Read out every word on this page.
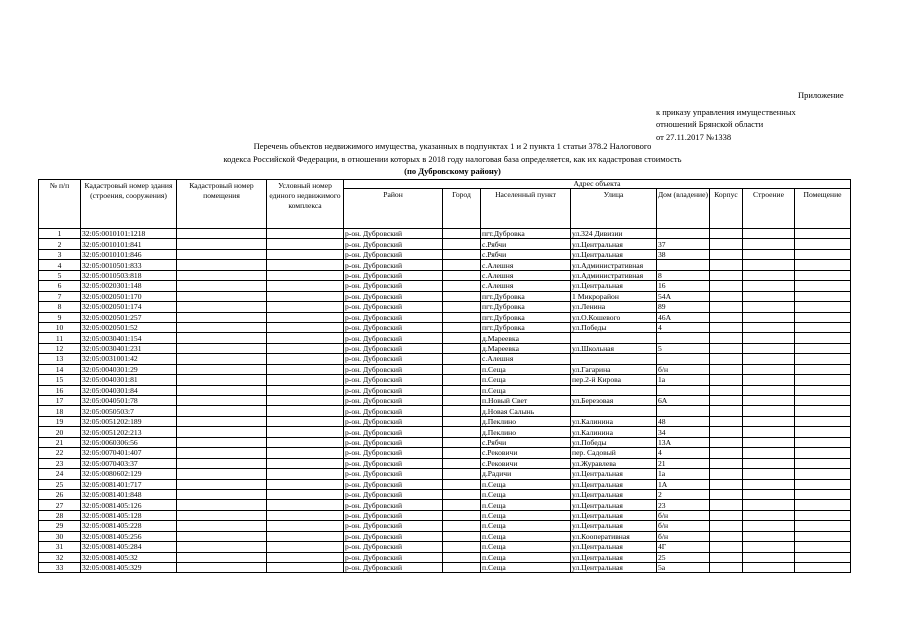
Приложение
к приказу управления имущественных
отношений Брянской области
от 27.11.2017 №1338
Перечень объектов недвижимого имущества, указанных в подпунктах 1 и 2 пункта 1 статьи 378.2 Налогового
кодекса Российской Федерации, в отношении которых в 2018 году налоговая база определяется, как их кадастровая стоимость
(по Дубровскому району)
№ п/п	Кадастровый номер здания (строения, сооружения)	Кадастровый номер помещения	Условный номер единого недвижимого комплекса	Адрес объекта							
				Район	Город	Населенный пункт	Улица	Дом (владение)	Корпус	Строение	Помещение
1	32:05:0010101:1218			р-он. Дубровский		пгт.Дубровка	ул.324 Дивизии				
2	32:05:0010101:841			р-он. Дубровский		с.Рябчи	ул.Центральная	37			
3	32:05:0010101:846			р-он. Дубровский		с.Рябчи	ул.Центральная	38			
4	32:05:0010501:833			р-он. Дубровский		с.Алешня	ул.Административная				
5	32:05:0010503:818			р-он. Дубровский		с.Алешня	ул.Административная	8			
6	32:05:0020301:148			р-он. Дубровский		с.Алешня	ул.Центральная	16			
7	32:05:0020501:170			р-он. Дубровский		пгт.Дубровка	1 Микрорайон	54А			
8	32:05:0020501:174			р-он. Дубровский		пгт.Дубровка	ул.Ленина	89			
9	32:05:0020501:257			р-он. Дубровский		пгт.Дубровка	ул.О.Кошевого	46А			
10	32:05:0020501:52			р-он. Дубровский		пгт.Дубровка	ул.Победы	4			
11	32:05:0030401:154			р-он. Дубровский		д.Мареевка					
12	32:05:0030401:231			р-он. Дубровский		д.Мареевка	ул.Школьная	5			
13	32:05:0031001:42			р-он. Дубровский		с.Алешня					
14	32:05:0040301:29			р-он. Дубровский		п.Сеща	ул.Гагарина	б/н			
15	32:05:0040301:81			р-он. Дубровский		п.Сеща	пер.2-й Кирова	1а			
16	32:05:0040301:84			р-он. Дубровский		п.Сеща					
17	32:05:0040501:78			р-он. Дубровский		п.Новый Свет	ул.Березовая	6А			
18	32:05:0050503:7			р-он. Дубровский		д.Новая Салынь					
19	32:05:0051202:189			р-он. Дубровский		д.Пеклино	ул.Калинина	48			
20	32:05:0051202:213			р-он. Дубровский		д.Пеклино	ул.Калинина	34			
21	32:05:0060306:56			р-он. Дубровский		с.Рябчи	ул.Победы	13А			
22	32:05:0070401:407			р-он. Дубровский		с.Рековичи	пер. Садовый	4			
23	32:05:0070403:37			р-он. Дубровский		с.Рековичи	ул.Журавлева	21			
24	32:05:0080602:129			р-он. Дубровский		д.Радичи	ул.Центральная	1а			
25	32:05:0081401:717			р-он. Дубровский		п.Сеща	ул.Центральная	1А			
26	32:05:0081401:848			р-он. Дубровский		п.Сеща	ул.Центральная	2			
27	32:05:0081405:126			р-он. Дубровский		п.Сеща	ул.Центральная	23			
28	32:05:0081405:128			р-он. Дубровский		п.Сеща	ул.Центральная	б/н			
29	32:05:0081405:228			р-он. Дубровский		п.Сеща	ул.Центральная	б/н			
30	32:05:0081405:256			р-он. Дубровский		п.Сеща	ул.Кооперативная	б/н			
31	32:05:0081405:284			р-он. Дубровский		п.Сеща	ул.Центральная	4Г			
32	32:05:0081405:32			р-он. Дубровский		п.Сеща	ул.Центральная	25			
33	32:05:0081405:329			р-он. Дубровский		п.Сеща	ул.Центральная	5а			
